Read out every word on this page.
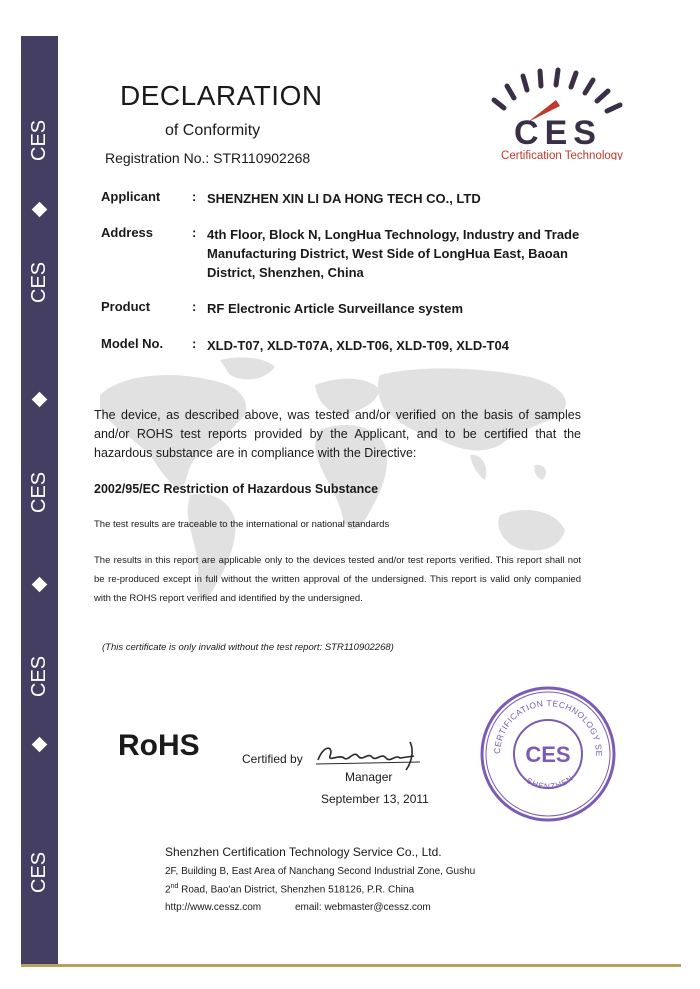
CES
CES
CES
CES
CES
DECLARATION
of Conformity
Registration No.: STR110902268
CES
Certification Technology
Applicant : SHENZHEN XIN LI DA HONG TECH CO., LTD
Address	: 4th Floor, Block N, LongHua Technology, Industry and Trade Manufacturing District, West Side of LongHua East, Baoan District, Shenzhen, China
Product	: RF Electronic Article Surveillance system
Model No. : XLD-T07, XLD-T07A, XLD-T06, XLD-T09, XLD-T04
The device, as described above, was tested and/or verified on the basis of samples and/or ROHS test reports provided by the Applicant, and to be certified that the hazardous substance are in compliance with the Directive:
2002/95/EC Restriction of Hazardous Substance
The test results are traceable to the international or national standards
The results in this report are applicable only to the devices tested and/or test reports verified. This report shall not be re-produced except in full without the written approval of the undersigned. This report is valid only companied with the ROHS report verified and identified by the undersigned.
(This certificate is only invalid without the test report: STR110902268)
RoHS	Certified by
Manager
September 13, 2011
CERTIFICATION TECHNOLOGY SE
SHENZHEN
CES
Shenzhen Certification Technology Service Co., Ltd.
2F, Building B, East Area of Nanchang Second Industrial Zone, Gushu
2nd Road, Bao'an District, Shenzhen 518126, P.R. China
http://www.cessz.com	email: webmaster@cessz.com
